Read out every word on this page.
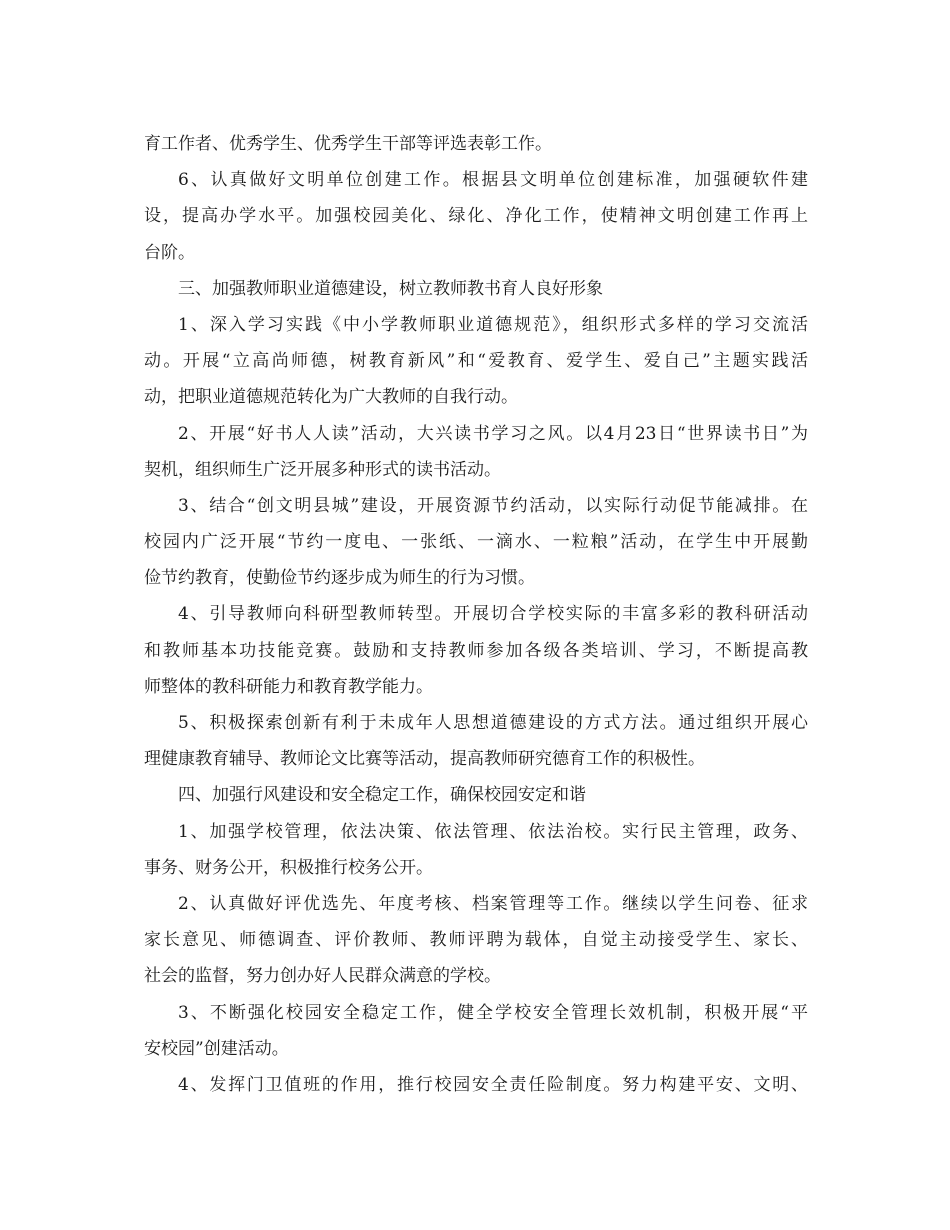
育工作者、优秀学生、优秀学生干部等评选表彰工作。
6、认真做好文明单位创建工作。根据县文明单位创建标准，加强硬软件建
设，提高办学水平。加强校园美化、绿化、净化工作，使精神文明创建工作再上
台阶。
三、加强教师职业道德建设，树立教师教书育人良好形象
1、深入学习实践《中小学教师职业道德规范》，组织形式多样的学习交流活
动。开展“立高尚师德，树教育新风”和“爱教育、爱学生、爱自己”主题实践活
动，把职业道德规范转化为广大教师的自我行动。
2、开展“好书人人读”活动，大兴读书学习之风。以4月23日“世界读书日”为
契机，组织师生广泛开展多种形式的读书活动。
3、结合“创文明县城”建设，开展资源节约活动，以实际行动促节能减排。在
校园内广泛开展“节约一度电、一张纸、一滴水、一粒粮”活动，在学生中开展勤
俭节约教育，使勤俭节约逐步成为师生的行为习惯。
4、引导教师向科研型教师转型。开展切合学校实际的丰富多彩的教科研活动
和教师基本功技能竞赛。鼓励和支持教师参加各级各类培训、学习，不断提高教
师整体的教科研能力和教育教学能力。
5、积极探索创新有利于未成年人思想道德建设的方式方法。通过组织开展心
理健康教育辅导、教师论文比赛等活动，提高教师研究德育工作的积极性。
四、加强行风建设和安全稳定工作，确保校园安定和谐
1、加强学校管理，依法决策、依法管理、依法治校。实行民主管理，政务、
事务、财务公开，积极推行校务公开。
2、认真做好评优选先、年度考核、档案管理等工作。继续以学生问卷、征求
家长意见、师德调查、评价教师、教师评聘为载体，自觉主动接受学生、家长、
社会的监督，努力创办好人民群众满意的学校。
3、不断强化校园安全稳定工作，健全学校安全管理长效机制，积极开展“平
安校园”创建活动。
4、发挥门卫值班的作用，推行校园安全责任险制度。努力构建平安、文明、
